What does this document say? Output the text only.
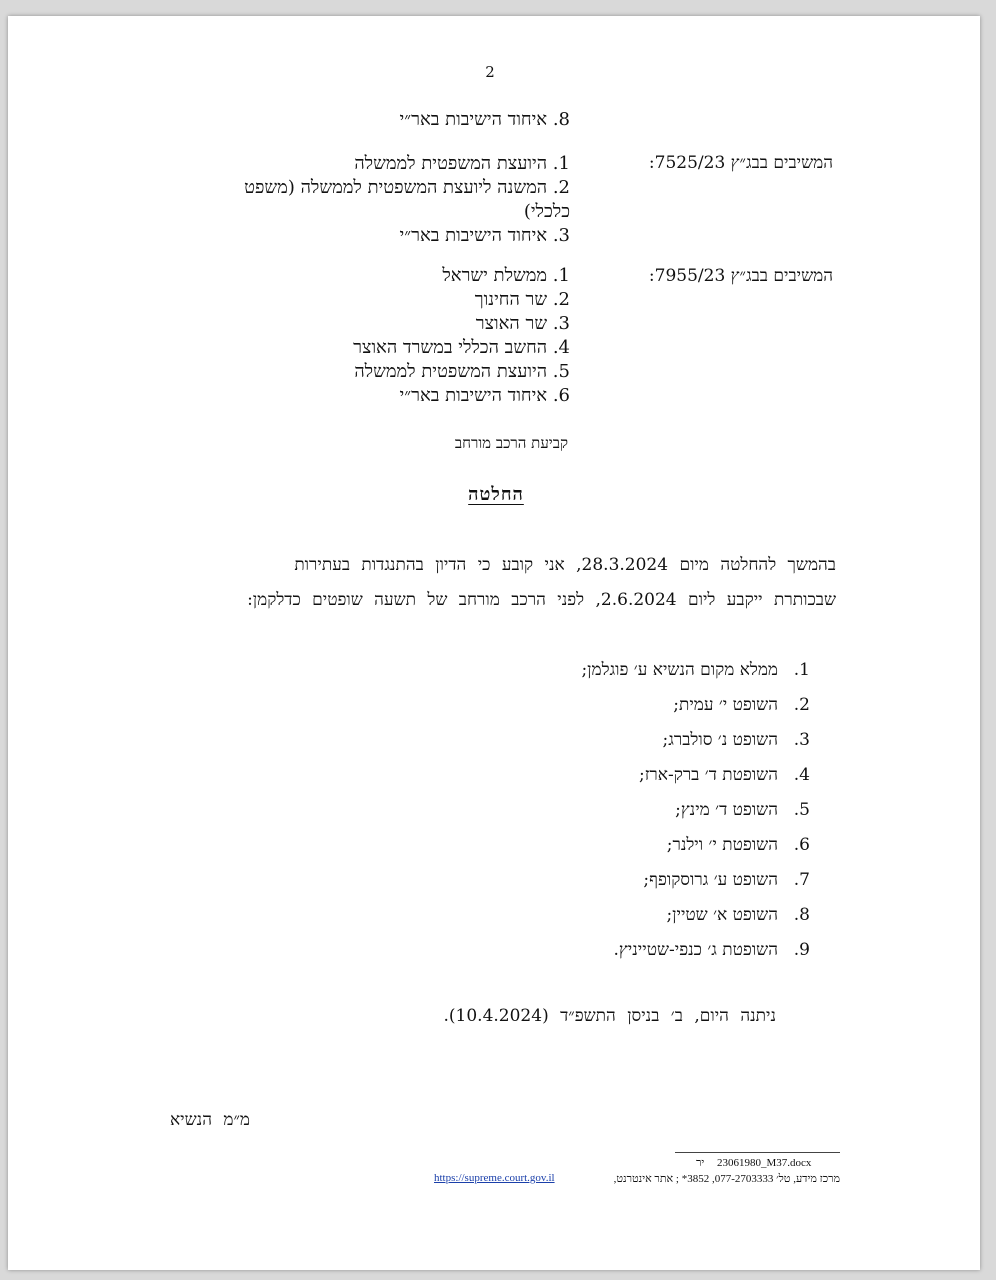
2
8. איחוד הישיבות באר״י
המשיבים בבג״ץ 7525/23:
1. היועצת המשפטית לממשלה
2. המשנה ליועצת המשפטית לממשלה (משפט
כלכלי)
3. איחוד הישיבות באר״י
המשיבים בבג״ץ 7955/23:
1. ממשלת ישראל
2. שר החינוך
3. שר האוצר
4. החשב הכללי במשרד האוצר
5. היועצת המשפטית לממשלה
6. איחוד הישיבות באר״י
קביעת הרכב מורחב
החלטה
בהמשך להחלטה מיום 28.3.2024, אני קובע כי הדיון בהתנגדות בעתירות
שבכותרת ייקבע ליום 2.6.2024, לפני הרכב מורחב של תשעה שופטים כדלקמן:
1.ממלא מקום הנשיא ע׳ פוגלמן;
2.השופט י׳ עמית;
3.השופט נ׳ סולברג;
4.השופטת ד׳ ברק-ארז;
5.השופט ד׳ מינץ;
6.השופטת י׳ וילנר;
7.השופט ע׳ גרוסקופף;
8.השופט א׳ שטיין;
9.השופטת ג׳ כנפי-שטייניץ.
ניתנה היום, ב׳ בניסן התשפ״ד (10.4.2024).
מ״מ הנשיא
23061980_M37.docx
יר
מרכז מידע, טל׳ 077-2703333, 3852* ; אתר אינטרנט,
https://supreme.court.gov.il
